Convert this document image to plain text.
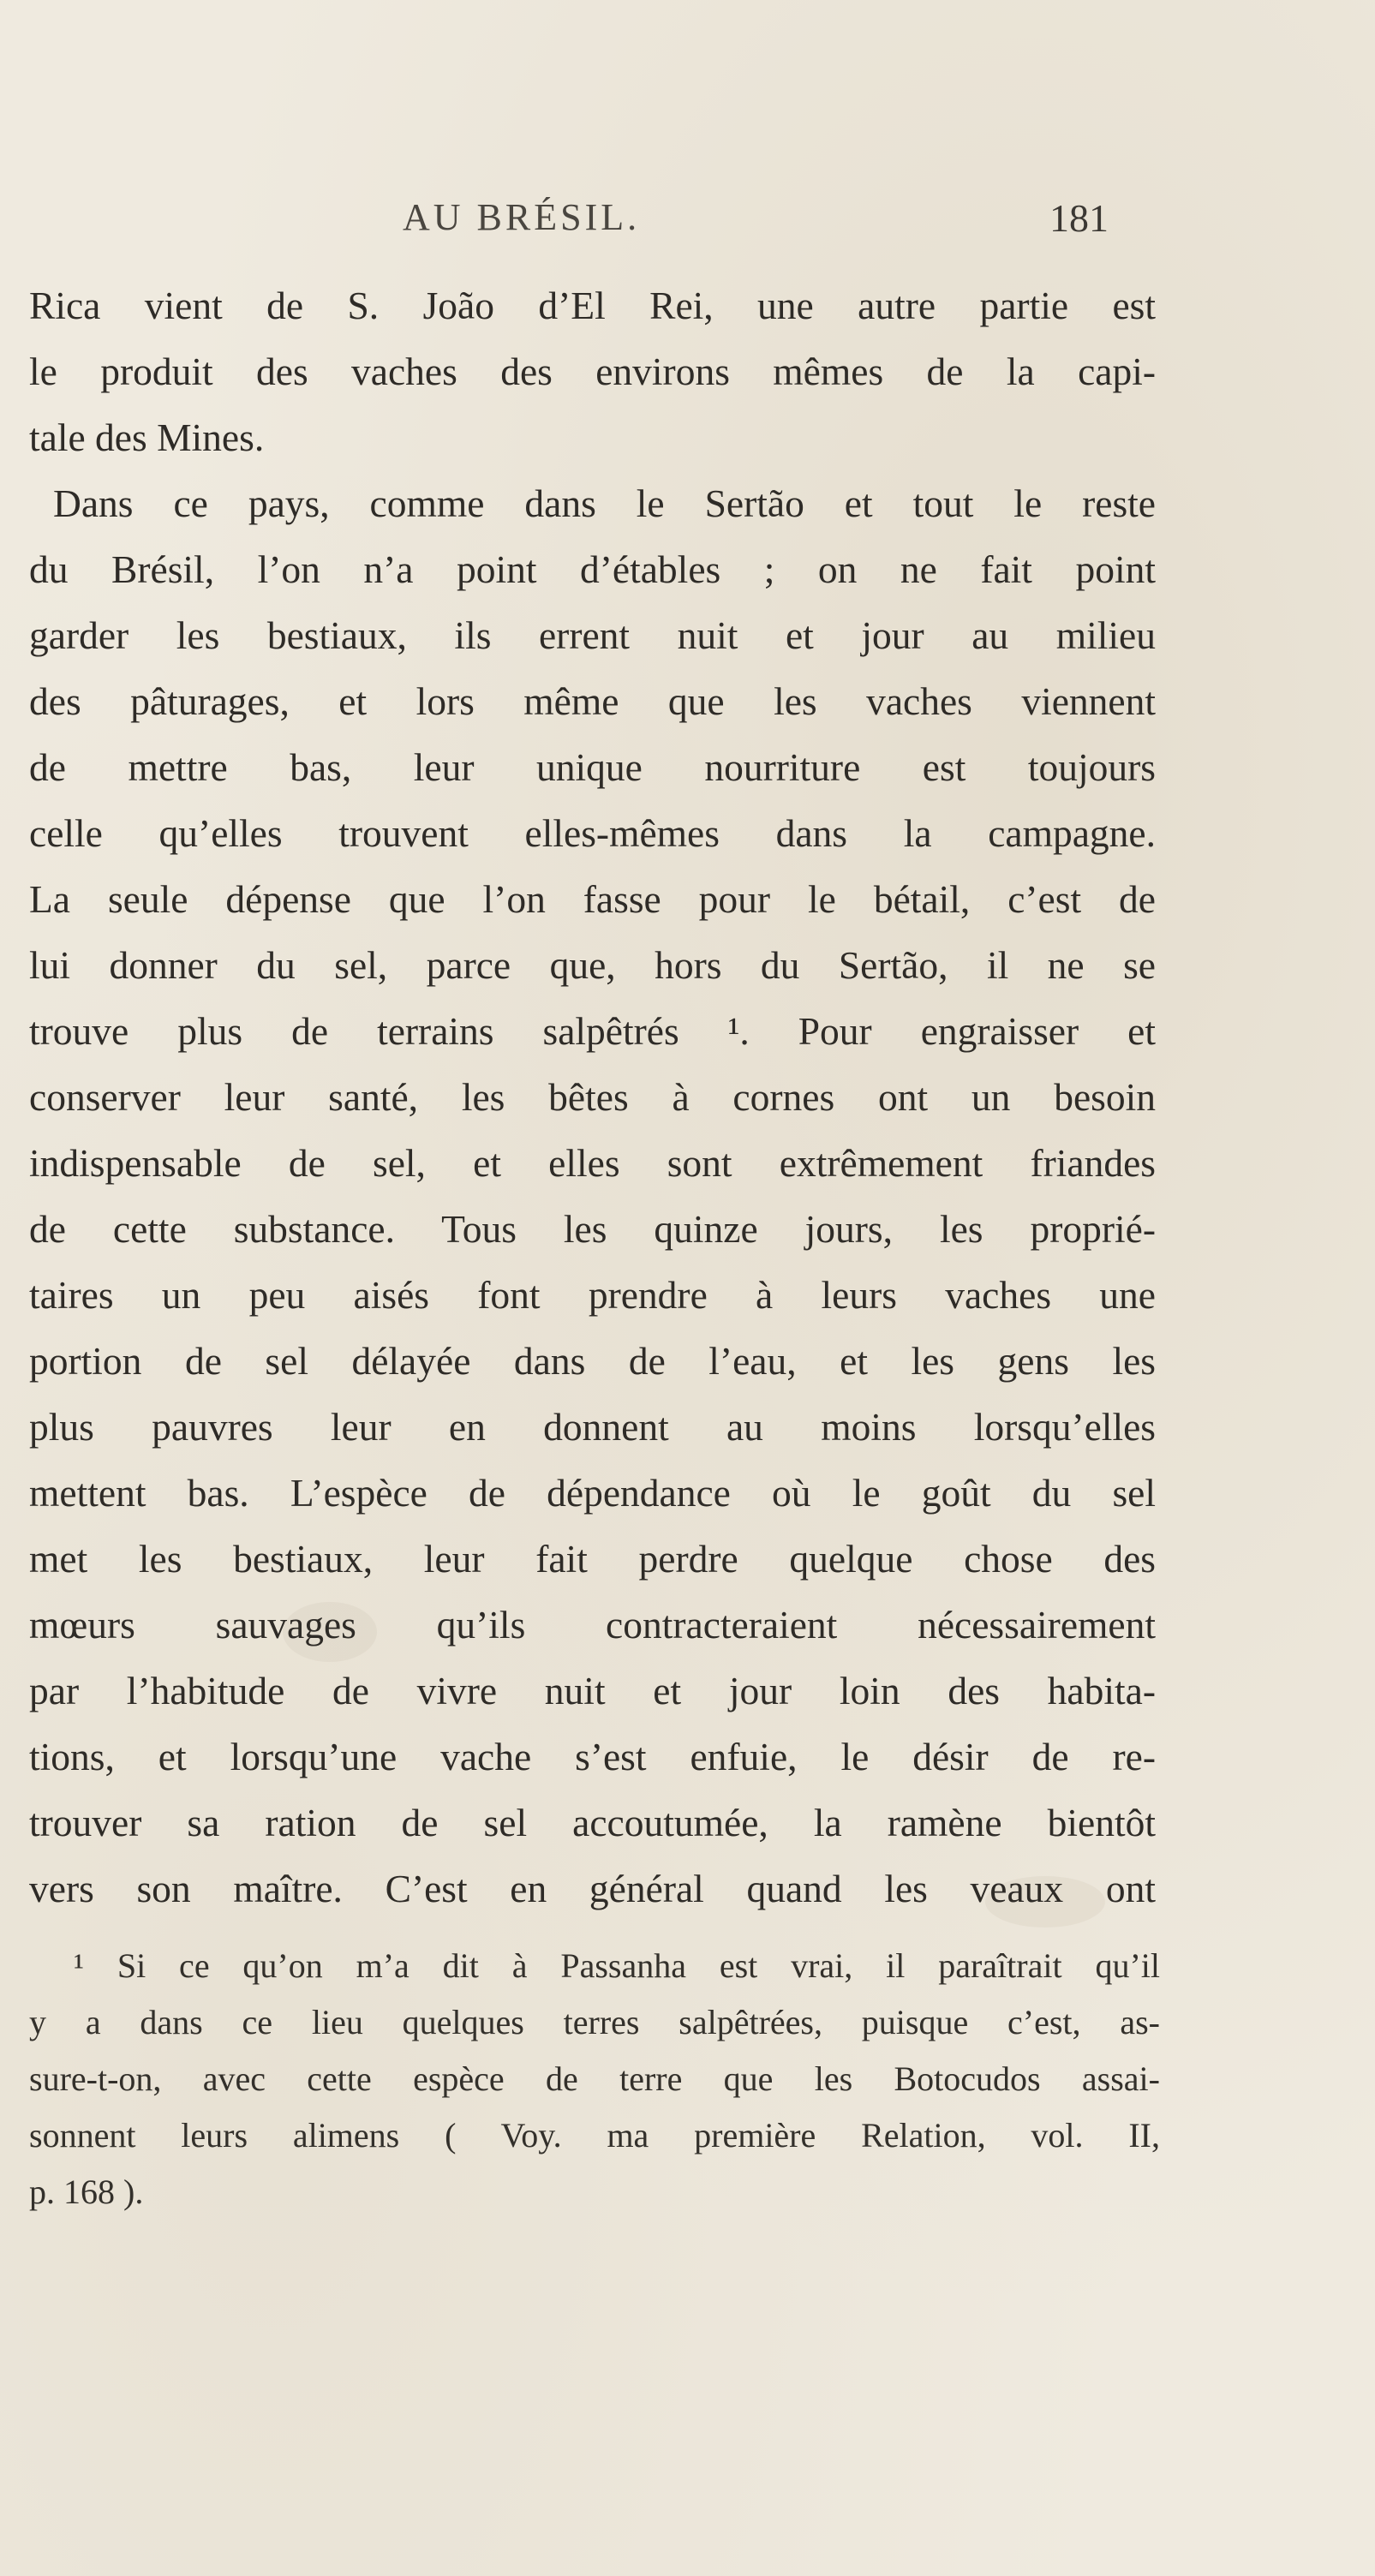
AU BRÉSIL.	181
Rica vient de S. João d’El Rei, une autre partie est
le produit des vaches des environs mêmes de la capi-
tale des Mines.
Dans ce pays, comme dans le Sertão et tout le reste
du Brésil, l’on n’a point d’étables ; on ne fait point
garder les bestiaux, ils errent nuit et jour au milieu
des pâturages, et lors même que les vaches viennent
de mettre bas, leur unique nourriture est toujours
celle qu’elles trouvent elles-mêmes dans la campagne.
La seule dépense que l’on fasse pour le bétail, c’est de
lui donner du sel, parce que, hors du Sertão, il ne se
trouve plus de terrains salpêtrés ¹. Pour engraisser et
conserver leur santé, les bêtes à cornes ont un besoin
indispensable de sel, et elles sont extrêmement friandes
de cette substance. Tous les quinze jours, les proprié-
taires un peu aisés font prendre à leurs vaches une
portion de sel délayée dans de l’eau, et les gens les
plus pauvres leur en donnent au moins lorsqu’elles
mettent bas. L’espèce de dépendance où le goût du sel
met les bestiaux, leur fait perdre quelque chose des
mœurs sauvages qu’ils contracteraient nécessairement
par l’habitude de vivre nuit et jour loin des habita-
tions, et lorsqu’une vache s’est enfuie, le désir de re-
trouver sa ration de sel accoutumée, la ramène bientôt
vers son maître. C’est en général quand les veaux ont
¹ Si ce qu’on m’a dit à Passanha est vrai, il paraîtrait qu’il
y a dans ce lieu quelques terres salpêtrées, puisque c’est, as-
sure-t-on, avec cette espèce de terre que les Botocudos assai-
sonnent leurs alimens ( Voy. ma première Relation, vol. II,
p. 168 ).
